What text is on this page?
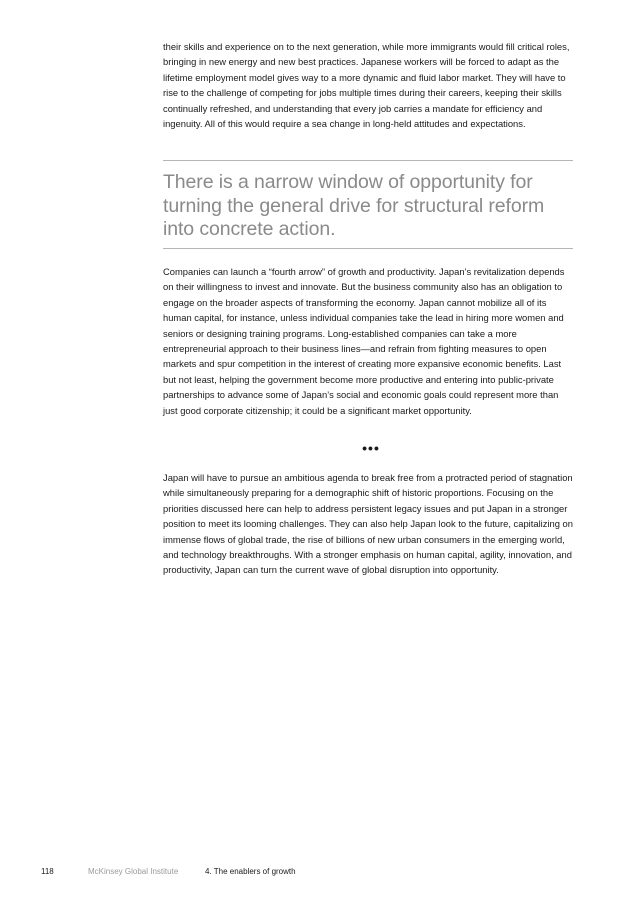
their skills and experience on to the next generation, while more immigrants would fill critical roles, bringing in new energy and new best practices. Japanese workers will be forced to adapt as the lifetime employment model gives way to a more dynamic and fluid labor market. They will have to rise to the challenge of competing for jobs multiple times during their careers, keeping their skills continually refreshed, and understanding that every job carries a mandate for efficiency and ingenuity. All of this would require a sea change in long-held attitudes and expectations.

There is a narrow window of opportunity for turning the general drive for structural reform into concrete action.

Companies can launch a “fourth arrow” of growth and productivity. Japan’s revitalization depends on their willingness to invest and innovate. But the business community also has an obligation to engage on the broader aspects of transforming the economy. Japan cannot mobilize all of its human capital, for instance, unless individual companies take the lead in hiring more women and seniors or designing training programs. Long-established companies can take a more entrepreneurial approach to their business lines—and refrain from fighting measures to open markets and spur competition in the interest of creating more expansive economic benefits. Last but not least, helping the government become more productive and entering into public-private partnerships to advance some of Japan’s social and economic goals could represent more than just good corporate citizenship; it could be a significant market opportunity.

•••

Japan will have to pursue an ambitious agenda to break free from a protracted period of stagnation while simultaneously preparing for a demographic shift of historic proportions. Focusing on the priorities discussed here can help to address persistent legacy issues and put Japan in a stronger position to meet its looming challenges. They can also help Japan look to the future, capitalizing on immense flows of global trade, the rise of billions of new urban consumers in the emerging world, and technology breakthroughs. With a stronger emphasis on human capital, agility, innovation, and productivity, Japan can turn the current wave of global disruption into opportunity.

118	McKinsey Global Institute	4. The enablers of growth
